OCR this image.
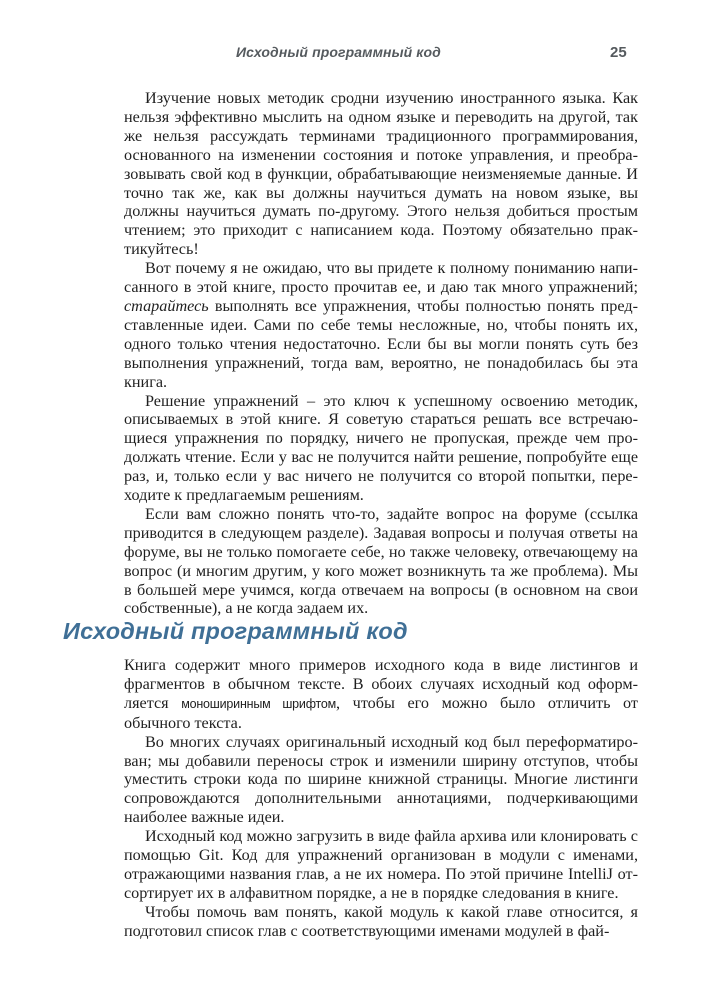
Исходный программный код	25

Изучение новых методик сродни изучению иностранного языка. Как нельзя эффективно мыслить на одном языке и переводить на другой, так же нельзя рассуждать терминами традиционного программирования, основанного на изменении состояния и потоке управления, и преобразовывать свой код в функции, обрабатывающие неизменяемые данные. И точно так же, как вы должны научиться думать на новом языке, вы должны научиться думать по-другому. Этого нельзя добиться простым чтением; это приходит с написанием кода. Поэтому обязательно практикуйтесь!

Вот почему я не ожидаю, что вы придете к полному пониманию написанного в этой книге, просто прочитав ее, и даю так много упражнений; старайтесь выполнять все упражнения, чтобы полностью понять представленные идеи. Сами по себе темы несложные, но, чтобы понять их, одного только чтения недостаточно. Если бы вы могли понять суть без выполнения упражнений, тогда вам, вероятно, не понадобилась бы эта книга.

Решение упражнений – это ключ к успешному освоению методик, описываемых в этой книге. Я советую стараться решать все встречающиеся упражнения по порядку, ничего не пропуская, прежде чем продолжать чтение. Если у вас не получится найти решение, попробуйте еще раз, и, только если у вас ничего не получится со второй попытки, переходите к предлагаемым решениям.

Если вам сложно понять что-то, задайте вопрос на форуме (ссылка приводится в следующем разделе). Задавая вопросы и получая ответы на форуме, вы не только помогаете себе, но также человеку, отвечающему на вопрос (и многим другим, у кого может возникнуть та же проблема). Мы в большей мере учимся, когда отвечаем на вопросы (в основном на свои собственные), а не когда задаем их.

Исходный программный код

Книга содержит много примеров исходного кода в виде листингов и фрагментов в обычном тексте. В обоих случаях исходный код оформляется моноширинным шрифтом, чтобы его можно было отличить от обычного текста.

Во многих случаях оригинальный исходный код был переформатирован; мы добавили переносы строк и изменили ширину отступов, чтобы уместить строки кода по ширине книжной страницы. Многие листинги сопровождаются дополнительными аннотациями, подчеркивающими наиболее важные идеи.

Исходный код можно загрузить в виде файла архива или клонировать с помощью Git. Код для упражнений организован в модули с именами, отражающими названия глав, а не их номера. По этой причине IntelliJ отсортирует их в алфавитном порядке, а не в порядке следования в книге.

Чтобы помочь вам понять, какой модуль к какой главе относится, я подготовил список глав с соответствующими именами модулей в фай-
